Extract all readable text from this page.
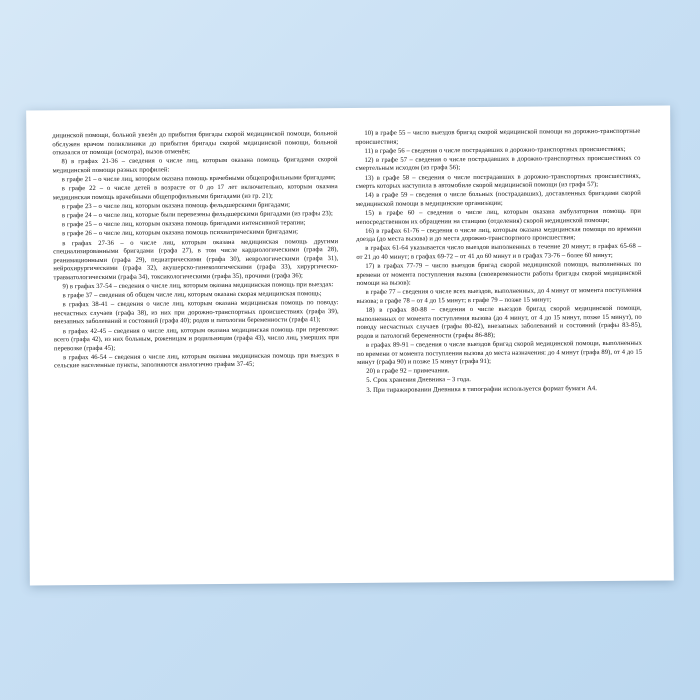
дицинской помощи, больной увезён до прибытия бригады скорой медицинской помощи, больной обслужен врачом поликлиники до прибытия бригады скорой медицинской помощи, больной отказался от помощи (осмотра), вызов отменён;

8) в графах 21-36 – сведения о числе лиц, которым оказана помощь бригадами скорой медицинской помощи разных профилей:

в графе 21 – о числе лиц, которым оказана помощь врачебными общепрофильными бригадами;

в графе 22 – о числе детей в возрасте от 0 до 17 лет включительно, которым оказана медицинская помощь врачебными общепрофильными бригадами (из гр. 21);

в графе 23 – о числе лиц, которым оказана помощь фельдшерскими бригадами;

в графе 24 – о числе лиц, которые были перевезены фельдшерскими бригадами (из графы 23);

в графе 25 – о числе лиц, которым оказана помощь бригадами интенсивной терапии;

в графе 26 – о числе лиц, которым оказана помощь психиатрическими бригадами;

в графах 27-36 – о числе лиц, которым оказана медицинская помощь другими специализированными бригадами (графа 27), в том числе кардиологическими (графа 28), реанимационными (графа 29), педиатрическими (графа 30), неврологическими (графа 31), нейрохирургическими (графа 32), акушерско-гинекологическими (графа 33), хирургическо-травматологическими (графа 34), токсикологическими (графа 35), прочими (графа 36);

9) в графах 37-54 – сведения о числе лиц, которым оказана медицинская помощь при выездах:

в графе 37 – сведения об общем числе лиц, которым оказана скорая медицинская помощь;

в графах 38-41 – сведения о числе лиц, которым оказана медицинская помощь по поводу: несчастных случаев (графа 38), из них при дорожно-транспортных происшествиях (графа 39), внезапных заболеваний и состояний (графа 40); родов и патологии беременности (графа 41);

в графах 42-45 – сведения о числе лиц, которым оказана медицинская помощь при перевозке: всего (графа 42), из них больным, роженицам и родильницам (графа 43), число лиц, умерших при перевозке (графа 45);

в графах 46-54 – сведения о числе лиц, которым оказана медицинская помощь при выездах в сельские населенные пункты, заполняются аналогично графам 37-45;

10) в графе 55 – число выездов бригад скорой медицинской помощи на дорожно-транспортные происшествия;

11) в графе 56 – сведения о числе пострадавших в дорожно-транспортных происшествиях;

12) в графе 57 – сведения о числе пострадавших в дорожно-транспортных происшествиях со смертельным исходом (из графа 56);

13) в графе 58 – сведения о числе пострадавших в дорожно-транспортных происшествиях, смерть которых наступила в автомобиле скорой медицинской помощи (из графа 57);

14) в графе 59 – сведения о числе больных (пострадавших), доставленных бригадами скорой медицинской помощи в медицинские организации;

15) в графе 60 – сведения о числе лиц, которым оказана амбулаторная помощь при непосредственном их обращении на станцию (отделения) скорой медицинской помощи;

16) в графах 61-76 – сведения о числе лиц, которым оказана медицинская помощи по времени доезда (до места вызова) и до места дорожно-транспортного происшествия;

в графах 61-64 указывается число выездов выполненных в течение 20 минут; в графах 65-68 – от 21 до 40 минут; в графах 69-72 – от 41 до 60 минут и в графах 73-76 – более 60 минут;

17) в графах 77-79 – число выездов бригад скорой медицинской помощи, выполненных по времени от момента поступления вызова (своевременности работы бригады скорой медицинской помощи на вызов):

в графе 77 – сведения о числе всех выездов, выполненных, до 4 минут от момента поступления вызова; в графе 78 – от 4 до 15 минут; в графе 79 – позже 15 минут;

18) в графах 80-88 – сведения о числе выездов бригад скорой медицинской помощи, выполненных от момента поступления вызова (до 4 минут, от 4 до 15 минут, позже 15 минут), по поводу несчастных случаев (графы 80-82), внезапных заболеваний и состояний (графы 83-85), родов и патологий беременности (графы 86-88);

в графах 89-91 – сведения о числе выездов бригад скорой медицинской помощи, выполненных по времени от момента поступления вызова до места назначения: до 4 минут (графа 89), от 4 до 15 минут (графа 90) и позже 15 минут (графа 91);

20) в графе 92 – примечания.

5. Срок хранения Дневника – 3 года.

3. При тиражировании Дневника в типографии используется формат бумаги А4.
